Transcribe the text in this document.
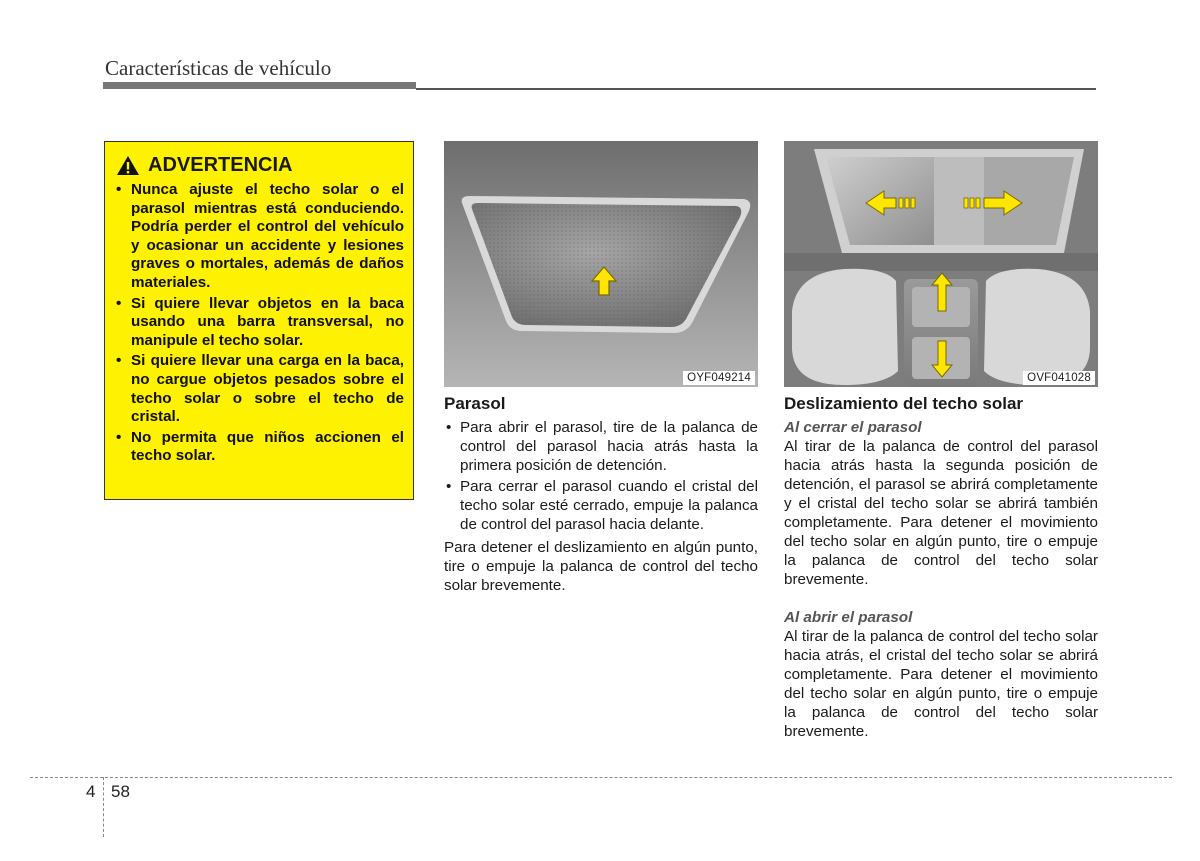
Características de vehículo
ADVERTENCIA
• Nunca ajuste el techo solar o el parasol mientras está conduciendo. Podría perder el control del vehículo y ocasionar un accidente y lesiones graves o mortales, además de daños materiales.
• Si quiere llevar objetos en la baca usando una barra transversal, no manipule el techo solar.
• Si quiere llevar una carga en la baca, no cargue objetos pesados sobre el techo solar o sobre el techo de cristal.
• No permita que niños accionen el techo solar.
OYF049214	OVF041028
Parasol
• Para abrir el parasol, tire de la palanca de control del parasol hacia atrás hasta la primera posición de detención.
• Para cerrar el parasol cuando el cristal del techo solar esté cerrado, empuje la palanca de control del parasol hacia delante.

Para detener el deslizamiento en algún punto, tire o empuje la palanca de control del techo solar brevemente.

Deslizamiento del techo solar

Al cerrar el parasol

Al tirar de la palanca de control del parasol hacia atrás hasta la segunda posición de detención, el parasol se abrirá completamente y el cristal del techo solar se abrirá también completamente. Para detener el movimiento del techo solar en algún punto, tire o empuje la palanca de control del techo solar brevemente.

Al abrir el parasol

Al tirar de la palanca de control del techo solar hacia atrás, el cristal del techo solar se abrirá completamente. Para detener el movimiento del techo solar en algún punto, tire o empuje la palanca de control del techo solar brevemente.

4 58
